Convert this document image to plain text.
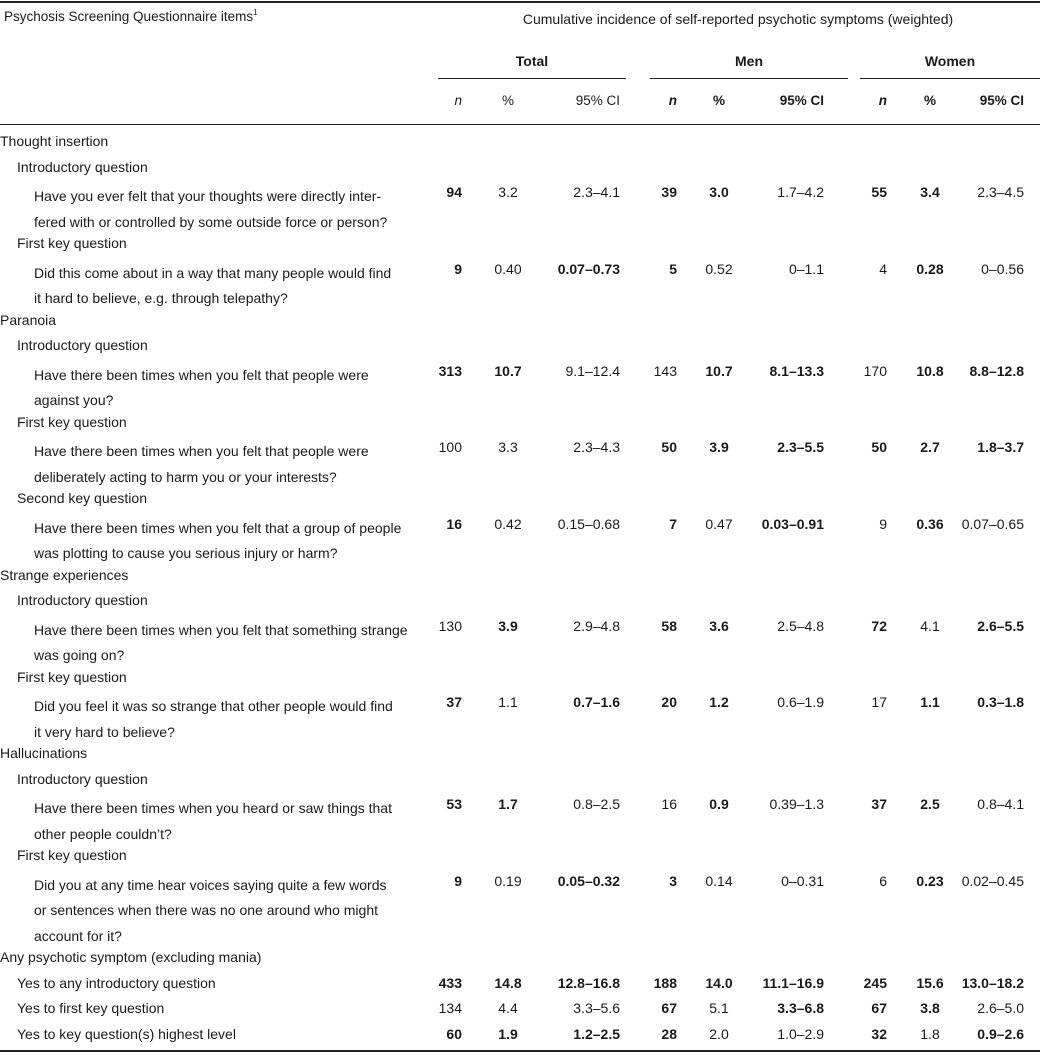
Psychosis Screening Questionnaire items$^1$	Cumulative incidence of self-reported psychotic symptoms (weighted)
Total	Men	Women
n	%	95% CI	n	%	95% CI	n	%	95% CI
Thought insertion
Introductory question
Have you ever felt that your thoughts were directly inter-
fered with or controlled by some outside force or person?
94	3.2	2.3–4.1	39	3.0	1.7–4.2	55	3.4	2.3–4.5
First key question
Did this come about in a way that many people would find
it hard to believe, e.g. through telepathy?
9	0.40	0.07–0.73	5	0.52	0–1.1	4	0.28	0–0.56
Paranoia
Introductory question
Have there been times when you felt that people were
against you?
313	10.7	9.1–12.4	143	10.7	8.1–13.3	170	10.8	8.8–12.8
First key question
Have there been times when you felt that people were
deliberately acting to harm you or your interests?
100	3.3	2.3–4.3	50	3.9	2.3–5.5	50	2.7	1.8–3.7
Second key question
Have there been times when you felt that a group of people
was plotting to cause you serious injury or harm?
16	0.42	0.15–0.68	7	0.47	0.03–0.91	9	0.36	0.07–0.65
Strange experiences
Introductory question
Have there been times when you felt that something strange
was going on?
130	3.9	2.9–4.8	58	3.6	2.5–4.8	72	4.1	2.6–5.5
First key question
Did you feel it was so strange that other people would find
it very hard to believe?
37	1.1	0.7–1.6	20	1.2	0.6–1.9	17	1.1	0.3–1.8
Hallucinations
Introductory question
Have there been times when you heard or saw things that
other people couldn’t?
53	1.7	0.8–2.5	16	0.9	0.39–1.3	37	2.5	0.8–4.1
First key question
Did you at any time hear voices saying quite a few words
or sentences when there was no one around who might
account for it?
9	0.19	0.05–0.32	3	0.14	0–0.31	6	0.23	0.02–0.45
Any psychotic symptom (excluding mania)
Yes to any introductory question	433	14.8	12.8–16.8	188	14.0	11.1–16.9	245	15.6	13.0–18.2
Yes to first key question	134	4.4	3.3–5.6	67	5.1	3.3–6.8	67	3.8	2.6–5.0
Yes to key question(s) highest level	60	1.9	1.2–2.5	28	2.0	1.0–2.9	32	1.8	0.9–2.6
